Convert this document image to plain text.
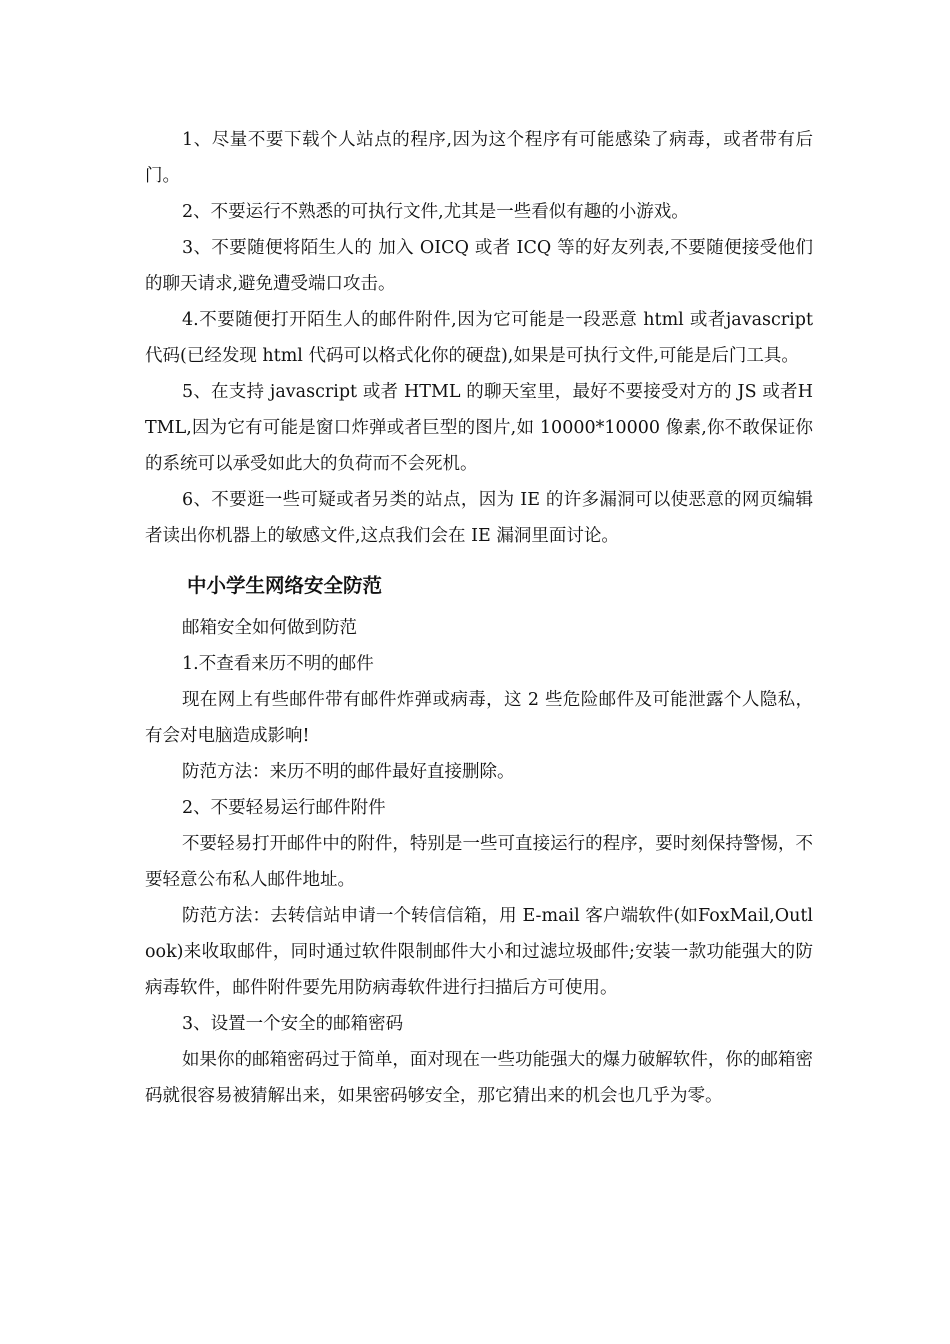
1、尽量不要下载个人站点的程序,因为这个程序有可能感染了病毒，或者带有后门。

2、不要运行不熟悉的可执行文件,尤其是一些看似有趣的小游戏。

3、不要随便将陌生人的 加入 OICQ 或者 ICQ 等的好友列表,不要随便接受他们的聊天请求,避免遭受端口攻击。

4.不要随便打开陌生人的邮件附件,因为它可能是一段恶意 html 或者javascript 代码(已经发现 html 代码可以格式化你的硬盘),如果是可执行文件,可能是后门工具。

5、在支持 javascript 或者 HTML 的聊天室里，最好不要接受对方的 JS 或者HTML,因为它有可能是窗口炸弹或者巨型的图片,如 10000*10000 像素,你不敢保证你的系统可以承受如此大的负荷而不会死机。

6、不要逛一些可疑或者另类的站点，因为 IE 的许多漏洞可以使恶意的网页编辑者读出你机器上的敏感文件,这点我们会在 IE 漏洞里面讨论。

中小学生网络安全防范

邮箱安全如何做到防范

1.不查看来历不明的邮件

现在网上有些邮件带有邮件炸弹或病毒，这 2 些危险邮件及可能泄露个人隐私，有会对电脑造成影响!

防范方法：来历不明的邮件最好直接删除。

2、不要轻易运行邮件附件

不要轻易打开邮件中的附件，特别是一些可直接运行的程序，要时刻保持警惕，不要轻意公布私人邮件地址。

防范方法：去转信站申请一个转信信箱，用 E-mail 客户端软件(如FoxMail,Outlook)来收取邮件，同时通过软件限制邮件大小和过滤垃圾邮件;安装一款功能强大的防病毒软件，邮件附件要先用防病毒软件进行扫描后方可使用。

3、设置一个安全的邮箱密码

如果你的邮箱密码过于简单，面对现在一些功能强大的爆力破解软件，你的邮箱密码就很容易被猜解出来，如果密码够安全，那它猜出来的机会也几乎为零。
